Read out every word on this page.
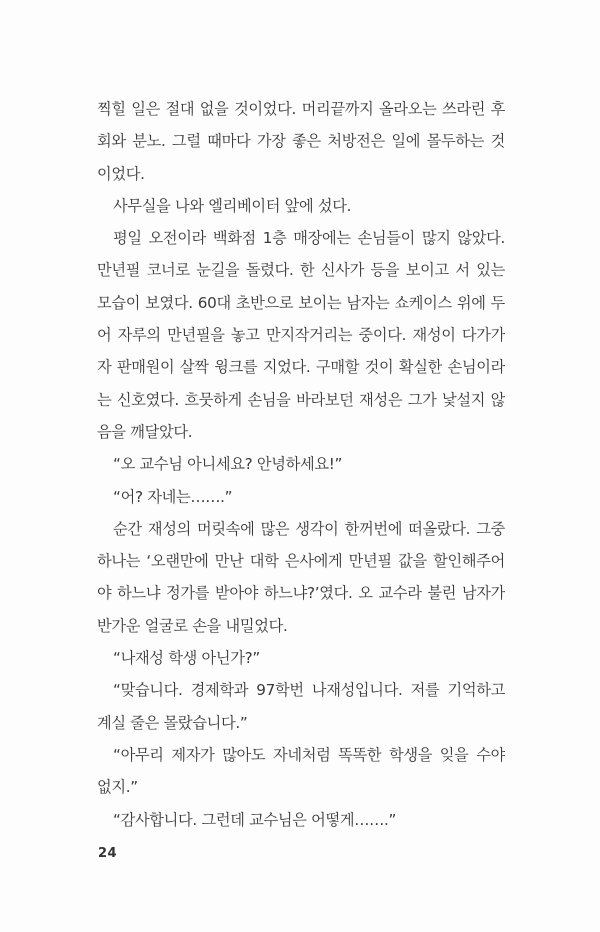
찍힐 일은 절대 없을 것이었다. 머리끝까지 올라오는 쓰라린 후
회와 분노. 그럴 때마다 가장 좋은 처방전은 일에 몰두하는 것
이었다.
사무실을 나와 엘리베이터 앞에 섰다.
평일 오전이라 백화점 1층 매장에는 손님들이 많지 않았다.
만년필 코너로 눈길을 돌렸다. 한 신사가 등을 보이고 서 있는
모습이 보였다. 60대 초반으로 보이는 남자는 쇼케이스 위에 두
어 자루의 만년필을 놓고 만지작거리는 중이다. 재성이 다가가
자 판매원이 살짝 윙크를 지었다. 구매할 것이 확실한 손님이라
는 신호였다. 흐뭇하게 손님을 바라보던 재성은 그가 낯설지 않
음을 깨달았다.
“오 교수님 아니세요? 안녕하세요!”
“어? 자네는…….”
순간 재성의 머릿속에 많은 생각이 한꺼번에 떠올랐다. 그중
하나는 ‘오랜만에 만난 대학 은사에게 만년필 값을 할인해주어
야 하느냐 정가를 받아야 하느냐?’였다. 오 교수라 불린 남자가
반가운 얼굴로 손을 내밀었다.
“나재성 학생 아닌가?”
“맞습니다. 경제학과 97학번 나재성입니다. 저를 기억하고
계실 줄은 몰랐습니다.”
“아무리 제자가 많아도 자네처럼 똑똑한 학생을 잊을 수야
없지.”
“감사합니다. 그런데 교수님은 어떻게…….”
24
